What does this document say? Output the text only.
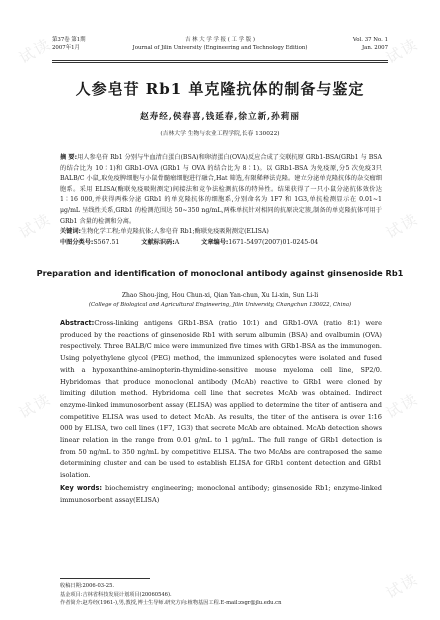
试读	试读
试读	试读
试读	试读
试读
第37卷 第1期	吉 林 大 学 学 报 ( 工 学 版 )	Vol. 37 No. 1
2007年1月	Journal of Jilin University (Engineering and Technology Edition)	Jan. 2007
人参皂苷 Rb1 单克隆抗体的制备与鉴定
赵寿经,侯春喜,钱延春,徐立新,孙莉丽
(吉林大学 生物与农业工程学院,长春 130022)
摘 要:用人参皂苷 Rb1 分别与牛血清白蛋白(BSA)和卵清蛋白(OVA)反应合成了交联抗原 GRb1-BSA(GRb1 与 BSA 的结合比为 10∶1)和 GRb1-OVA (GRb1 与 OVA 的结合比为 8∶1)。以 GRb1-BSA 为免疫原,分5 次免疫3只 BALB/C 小鼠,取免疫脾细胞与小鼠骨髓瘤细胞进行融合,Hat 筛选,有限稀释法克隆。建立分泌单克隆抗体的杂交瘤细胞系。采用 ELISA(酶联免疫吸附测定)间接法和竞争法检测抗体的特异性。结果获得了一只小鼠分泌抗体效价达 1∶16 000,并获得两株分泌 GRb1 的单克隆抗体的细胞系,分别命名为 1F7 和 1G3,单抗检测显示在 0.01~1 μg/mL 呈线性关系,GRb1 的检测范围达 50~350 ng/mL,两株单抗针对相同的抗原决定簇,制备的单克隆抗体可用于 GRb1 含量的检测和分离。
关键词:生物化学工程;单克隆抗体;人参皂苷 Rb1;酶联免疫吸附测定(ELISA)
中图分类号:S567.51	文献标识码:A	文章编号:1671-5497(2007)01-0245-04
Preparation and identification of monoclonal antibody against ginsenoside Rb1
Zhao Shou-jing, Hou Chun-xi, Qian Yan-chun, Xu Li-xin, Sun Li-li
(College of Biological and Agricultural Engineering, Jilin University, Changchun 130022, China)
Abstract:Cross-linking antigens GRb1-BSA (ratio 10∶1) and GRb1-OVA (ratio 8∶1) were produced by the reactions of ginsenoside Rb1 with serum albumin (BSA) and ovalbumin (OVA) respectively. Three BALB/C mice were immunized five times with GRb1-BSA as the immunogen. Using polyethylene glycol (PEG) method, the immunized splenocytes were isolated and fused with a hypoxanthine-aminopterin-thymidine-sensitive mouse myeloma cell line, SP2/0. Hybridomas that produce monoclonal antibody (McAb) reactive to GRb1 were cloned by limiting dilution method. Hybridoma cell line that secretes McAb was obtained. Indirect enzyme-linked immunosorbent assay (ELISA) was applied to determine the titer of antisera and competitive ELISA was used to detect McAb. As results, the titer of the antisera is over 1∶16 000 by ELISA, two cell lines (1F7, 1G3) that secrete McAb are obtained. McAb detection shows linear relation in the range from 0.01 g/mL to 1 μg/mL. The full range of GRb1 detection is from 50 ng/mL to 350 ng/mL by competitive ELISA. The two McAbs are contraposed the same determining cluster and can be used to establish ELISA for GRb1 content detection and GRb1 isolation.
Key words: biochemistry engineering; monoclonal antibody; ginsenoside Rb1; enzyme-linked immunosorbent assay(ELISA)
收稿日期:2006-03-25.
基金项目:吉林省科技发展计划项目(20060546).
作者简介:赵寿经(1961-),男,教授,博士生导师.研究方向:植物基因工程.E-mail:zsgr@jlu.edu.cn
